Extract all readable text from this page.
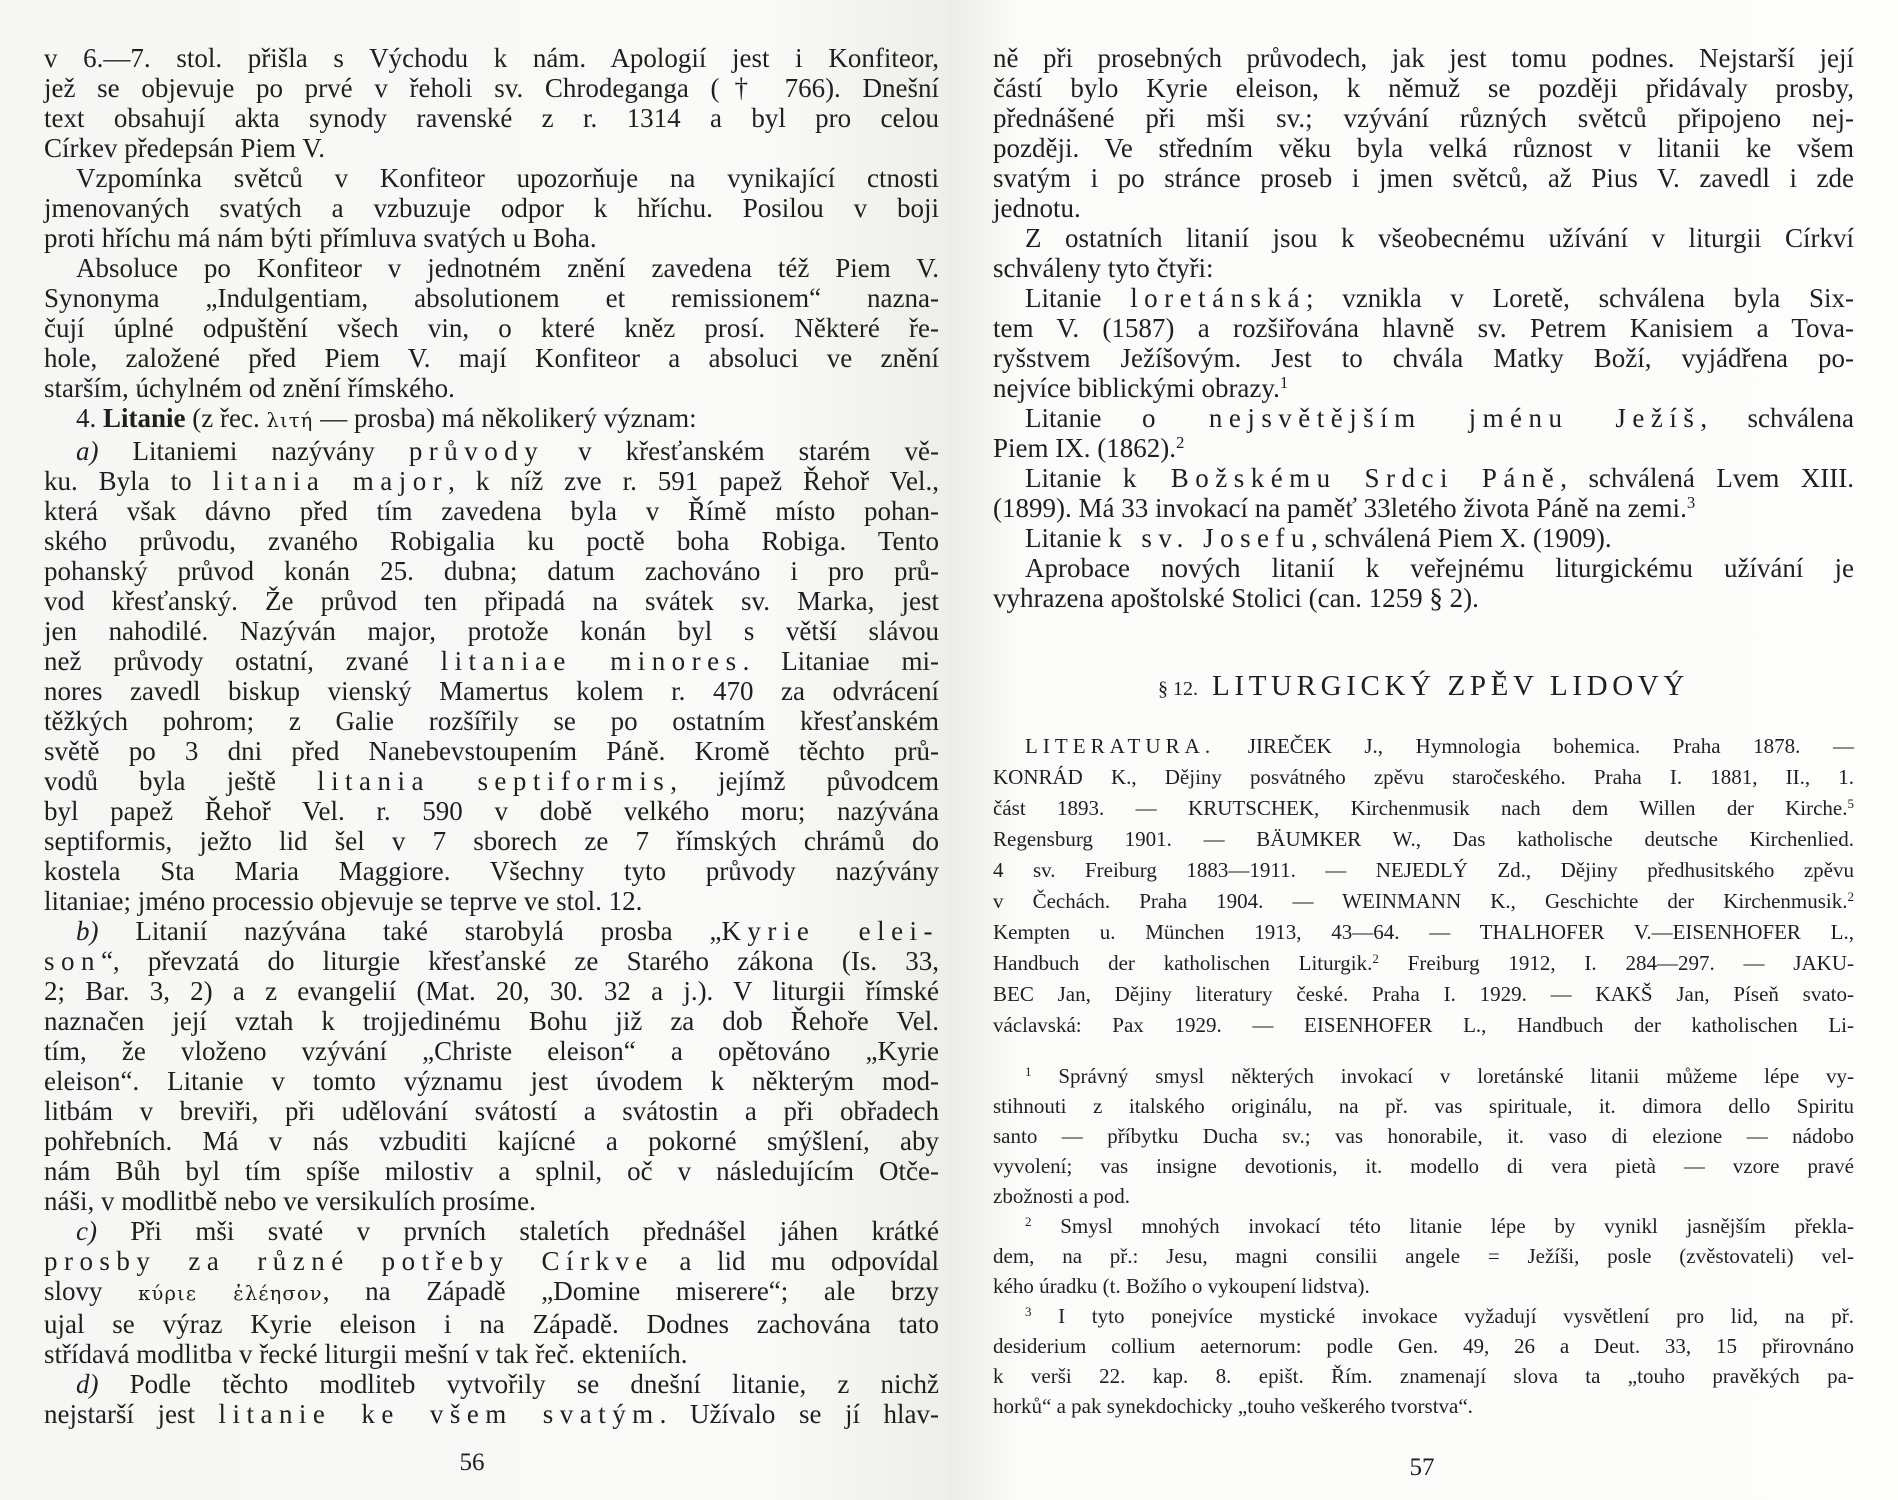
v 6.—7. stol. přišla s Východu k nám. Apologií jest i Konfiteor,
jež se objevuje po prvé v řeholi sv. Chrodeganga († 766). Dnešní
text obsahují akta synody ravenské z r. 1314 a byl pro celou
Církev předepsán Piem V.
Vzpomínka světců v Konfiteor upozorňuje na vynikající ctnosti
jmenovaných svatých a vzbuzuje odpor k hříchu. Posilou v boji
proti hříchu má nám býti přímluva svatých u Boha.
Absoluce po Konfiteor v jednotném znění zavedena též Piem V.
Synonyma „Indulgentiam, absolutionem et remissionem“ nazna-
čují úplné odpuštění všech vin, o které kněz prosí. Některé ře-
hole, založené před Piem V. mají Konfiteor a absoluci ve znění
starším, úchylném od znění římského.
4. Litanie (z řec. λιτή — prosba) má několikerý význam:
a) Litaniemi nazývány průvody v křesťanském starém vě-
ku. Byla to litania major, k níž zve r. 591 papež Řehoř Vel.,
která však dávno před tím zavedena byla v Římě místo pohan-
ského průvodu, zvaného Robigalia ku poctě boha Robiga. Tento
pohanský průvod konán 25. dubna; datum zachováno i pro prů-
vod křesťanský. Že průvod ten připadá na svátek sv. Marka, jest
jen nahodilé. Nazýván major, protože konán byl s větší slávou
než průvody ostatní, zvané litaniae minores. Litaniae mi-
nores zavedl biskup vienský Mamertus kolem r. 470 za odvrácení
těžkých pohrom; z Galie rozšířily se po ostatním křesťanském
světě po 3 dni před Nanebevstoupením Páně. Kromě těchto prů-
vodů byla ještě litania septiformis, jejímž původcem
byl papež Řehoř Vel. r. 590 v době velkého moru; nazývána
septiformis, ježto lid šel v 7 sborech ze 7 římských chrámů do
kostela Sta Maria Maggiore. Všechny tyto průvody nazývány
litaniae; jméno processio objevuje se teprve ve stol. 12.
b) Litanií nazývána také starobylá prosba „Kyrie elei-
son“, převzatá do liturgie křesťanské ze Starého zákona (Is. 33,
2; Bar. 3, 2) a z evangelií (Mat. 20, 30. 32 a j.). V liturgii římské
naznačen její vztah k trojjedinému Bohu již za dob Řehoře Vel.
tím, že vloženo vzývání „Christe eleison“ a opětováno „Kyrie
eleison“. Litanie v tomto významu jest úvodem k některým mod-
litbám v breviři, při udělování svátostí a svátostin a při obřadech
pohřebních. Má v nás vzbuditi kajícné a pokorné smýšlení, aby
nám Bůh byl tím spíše milostiv a splnil, oč v následujícím Otče-
náši, v modlitbě nebo ve versikulích prosíme.
c) Při mši svaté v prvních staletích přednášel jáhen krátké
prosby za různé potřeby Církve a lid mu odpovídal
slovy κύριε ἐλέησον, na Západě „Domine miserere“; ale brzy
ujal se výraz Kyrie eleison i na Západě. Dodnes zachována tato
střídavá modlitba v řecké liturgii mešní v tak řeč. ekteniích.
d) Podle těchto modliteb vytvořily se dnešní litanie, z nichž
nejstarší jest litanie ke všem svatým. Užívalo se jí hlav-
56
ně při prosebných průvodech, jak jest tomu podnes. Nejstarší její
částí bylo Kyrie eleison, k němuž se později přidávaly prosby,
přednášené při mši sv.; vzývání různých světců připojeno nej-
později. Ve středním věku byla velká různost v litanii ke všem
svatým i po stránce proseb i jmen světců, až Pius V. zavedl i zde
jednotu.
Z ostatních litanií jsou k všeobecnému užívání v liturgii Církví
schváleny tyto čtyři:
Litanie loretánská; vznikla v Loretě, schválena byla Six-
tem V. (1587) a rozšiřována hlavně sv. Petrem Kanisiem a Tova-
ryšstvem Ježíšovým. Jest to chvála Matky Boží, vyjádřena po-
nejvíce biblickými obrazy.$^1$
Litanie o nejsvětějším jménu Ježíš, schválena
Piem IX. (1862).$^2$
Litanie k Božskému Srdci Páně, schválená Lvem XIII.
(1899). Má 33 invokací na paměť 33letého života Páně na zemi.$^3$
Litanie k sv. Josefu, schválená Piem X. (1909).
Aprobace nových litanií k veřejnému liturgickému užívání je
vyhrazena apoštolské Stolici (can. 1259 § 2).
§ 12. LITURGICKÝ ZPĚV LIDOVÝ
LITERATURA. JIREČEK J., Hymnologia bohemica. Praha 1878. —
KONRÁD K., Dějiny posvátného zpěvu staročeského. Praha I. 1881, II., 1.
část 1893. — KRUTSCHEK, Kirchenmusik nach dem Willen der Kirche.$^5$
Regensburg 1901. — BÄUMKER W., Das katholische deutsche Kirchenlied.
4 sv. Freiburg 1883—1911. — NEJEDLÝ Zd., Dějiny předhusitského zpěvu
v Čechách. Praha 1904. — WEINMANN K., Geschichte der Kirchenmusik.$^2$
Kempten u. München 1913, 43—64. — THALHOFER V.—EISENHOFER L.,
Handbuch der katholischen Liturgik.$^2$ Freiburg 1912, I. 284—297. — JAKU-
BEC Jan, Dějiny literatury české. Praha I. 1929. — KAKŠ Jan, Píseň svato-
václavská: Pax 1929. — EISENHOFER L., Handbuch der katholischen Li-
$^1$ Správný smysl některých invokací v loretánské litanii můžeme lépe vy-
stihnouti z italského originálu, na př. vas spirituale, it. dimora dello Spiritu
santo — příbytku Ducha sv.; vas honorabile, it. vaso di elezione — nádobo
vyvolení; vas insigne devotionis, it. modello di vera pietà — vzore pravé
zbožnosti a pod.
$^2$ Smysl mnohých invokací této litanie lépe by vynikl jasnějším překla-
dem, na př.: Jesu, magni consilii angele = Ježíši, posle (zvěstovateli) vel-
kého úradku (t. Božího o vykoupení lidstva).
$^3$ I tyto ponejvíce mystické invokace vyžadují vysvětlení pro lid, na př.
desiderium collium aeternorum: podle Gen. 49, 26 a Deut. 33, 15 přirovnáno
k verši 22. kap. 8. epišt. Řím. znamenají slova ta „touho pravěkých pa-
horků“ a pak synekdochicky „touho veškerého tvorstva“.
57
